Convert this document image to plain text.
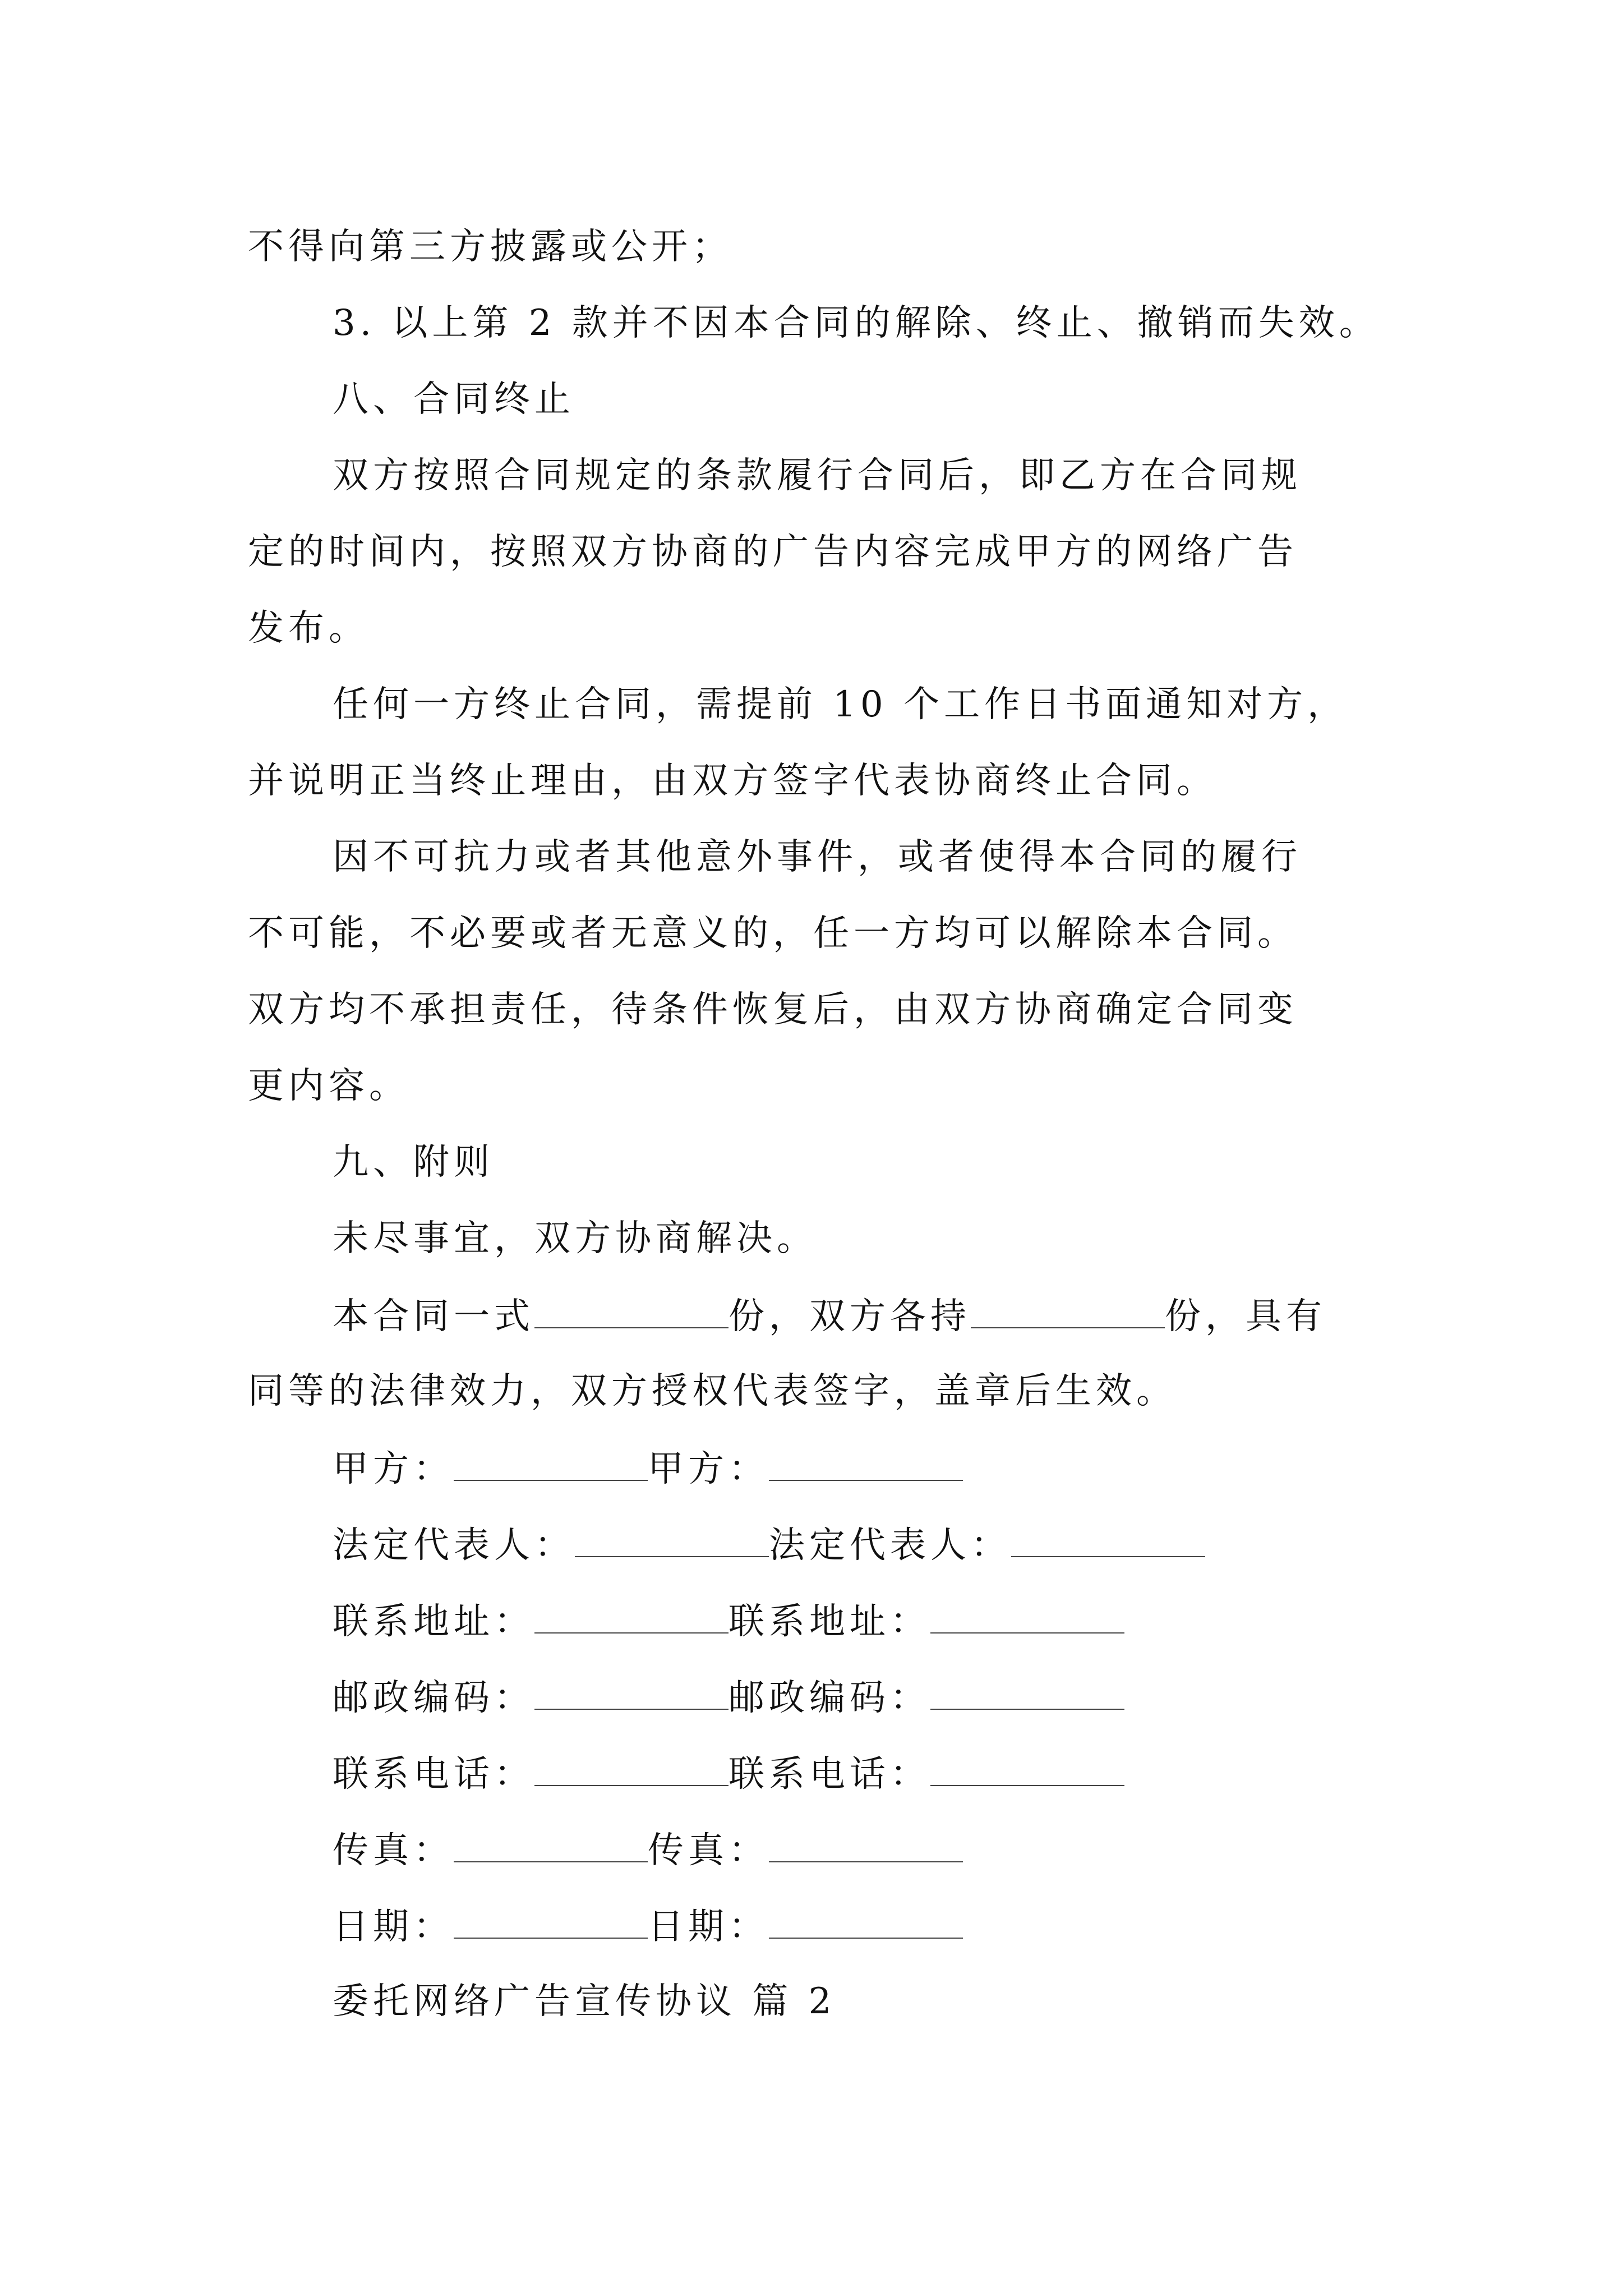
不得向第三方披露或公开；
3. 以上第 2 款并不因本合同的解除、终止、撤销而失效。
八、合同终止
双方按照合同规定的条款履行合同后，即乙方在合同规
定的时间内，按照双方协商的广告内容完成甲方的网络广告
发布。
任何一方终止合同，需提前 10 个工作日书面通知对方，
并说明正当终止理由，由双方签字代表协商终止合同。
因不可抗力或者其他意外事件，或者使得本合同的履行
不可能，不必要或者无意义的，任一方均可以解除本合同。
双方均不承担责任，待条件恢复后，由双方协商确定合同变
更内容。
九、附则
未尽事宜，双方协商解决。
本合同一式	份，双方各持	份，具有
同等的法律效力，双方授权代表签字，盖章后生效。
甲方：	甲方：
法定代表人：	法定代表人：
联系地址：	联系地址：
邮政编码：	邮政编码：
联系电话：	联系电话：
传真：	传真：
日期：	日期：
委托网络广告宣传协议 篇 2
